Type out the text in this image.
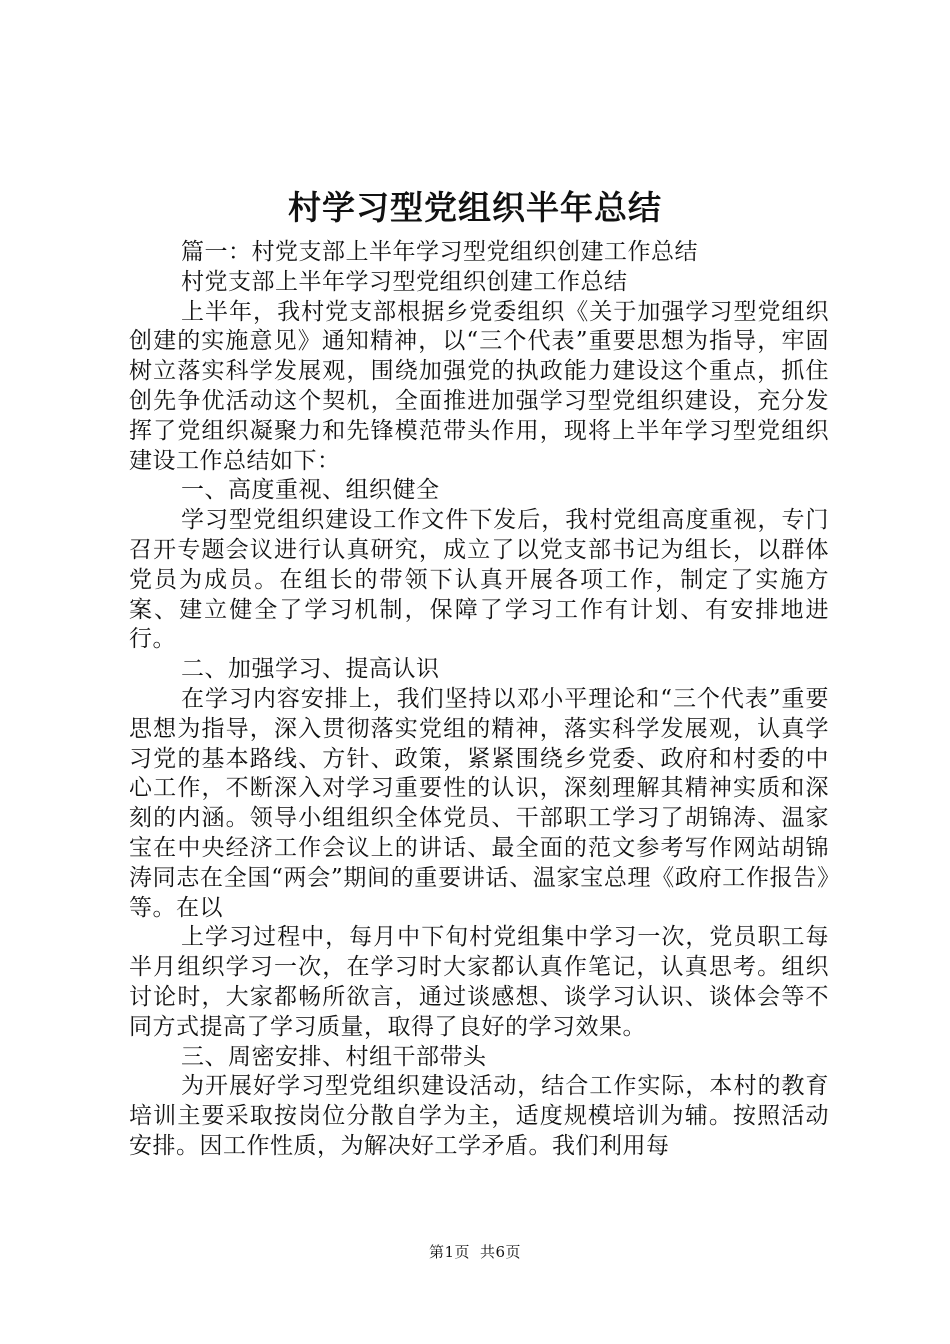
村学习型党组织半年总结

篇一：村党支部上半年学习型党组织创建工作总结

村党支部上半年学习型党组织创建工作总结

上半年，我村党支部根据乡党委组织《关于加强学习型党组织创建的实施意见》通知精神，以“三个代表”重要思想为指导，牢固树立落实科学发展观，围绕加强党的执政能力建设这个重点，抓住创先争优活动这个契机，全面推进加强学习型党组织建设，充分发挥了党组织凝聚力和先锋模范带头作用，现将上半年学习型党组织建设工作总结如下：

一、高度重视、组织健全

学习型党组织建设工作文件下发后，我村党组高度重视，专门召开专题会议进行认真研究，成立了以党支部书记为组长，以群体党员为成员。在组长的带领下认真开展各项工作，制定了实施方案、建立健全了学习机制，保障了学习工作有计划、有安排地进行。

二、加强学习、提高认识

在学习内容安排上，我们坚持以邓小平理论和“三个代表”重要思想为指导，深入贯彻落实党组的精神，落实科学发展观，认真学习党的基本路线、方针、政策，紧紧围绕乡党委、政府和村委的中心工作，不断深入对学习重要性的认识，深刻理解其精神实质和深刻的内涵。领导小组组织全体党员、干部职工学习了胡锦涛、温家宝在中央经济工作会议上的讲话、最全面的范文参考写作网站胡锦涛同志在全国“两会”期间的重要讲话、温家宝总理《政府工作报告》等。在以

上学习过程中，每月中下旬村党组集中学习一次，党员职工每半月组织学习一次，在学习时大家都认真作笔记，认真思考。组织讨论时，大家都畅所欲言，通过谈感想、谈学习认识、谈体会等不同方式提高了学习质量，取得了良好的学习效果。

三、周密安排、村组干部带头

为开展好学习型党组织建设活动，结合工作实际，本村的教育培训主要采取按岗位分散自学为主，适度规模培训为辅。按照活动安排。因工作性质，为解决好工学矛盾。我们利用每

第1页 共6页
